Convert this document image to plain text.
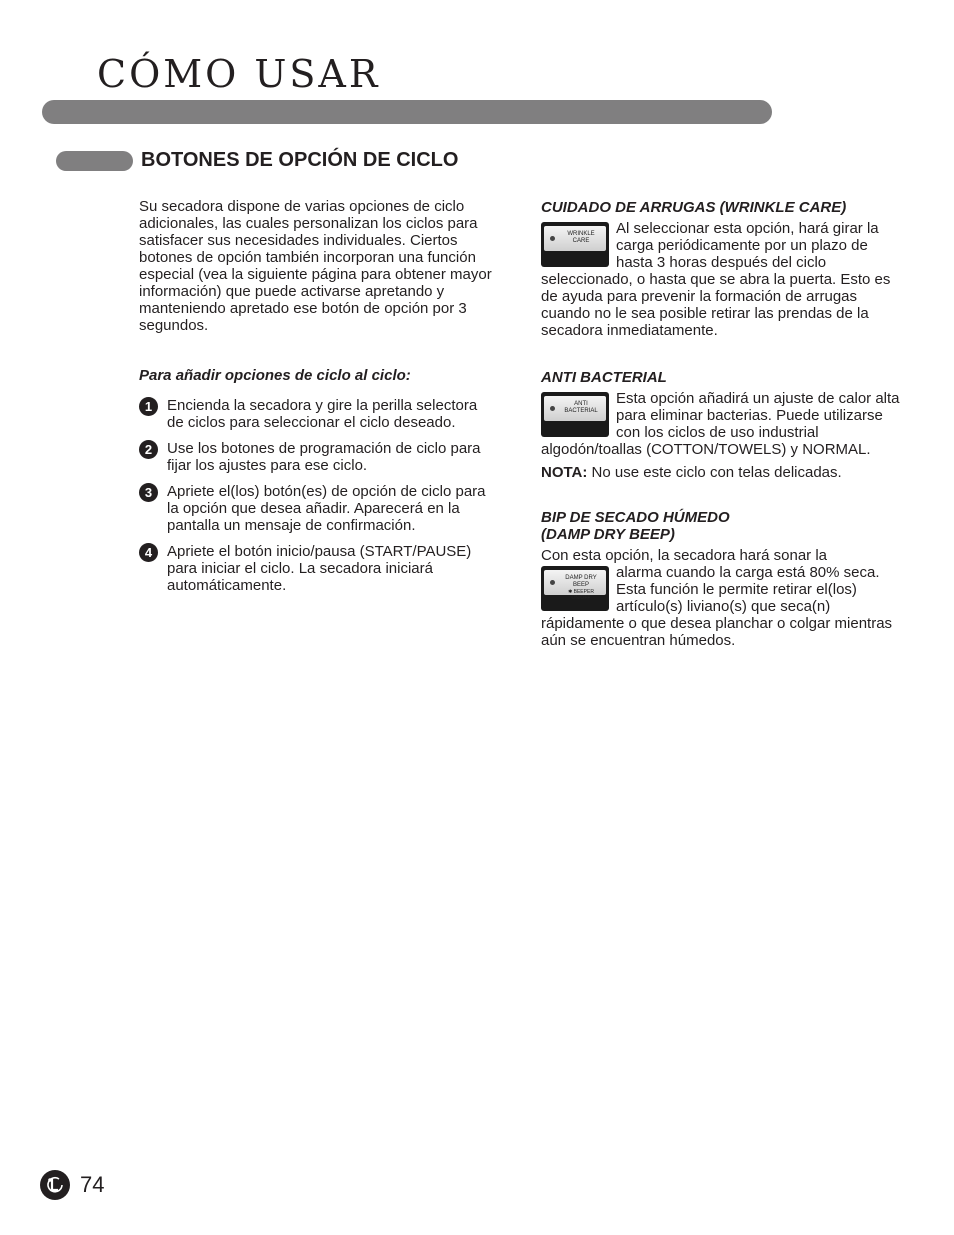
CÓMO USAR
BOTONES DE OPCIÓN DE CICLO

Su secadora dispone de varias opciones de ciclo adicionales, las cuales personalizan los ciclos para satisfacer sus necesidades individuales. Ciertos botones de opción también incorporan una función especial (vea la siguiente página para obtener mayor información) que puede activarse apretando y manteniendo apretado ese botón de opción por 3 segundos.

Para añadir opciones de ciclo al ciclo:

1 Encienda la secadora y gire la perilla selectora de ciclos para seleccionar el ciclo deseado.
2 Use los botones de programación de ciclo para fijar los ajustes para ese ciclo.
3 Apriete el(los) botón(es) de opción de ciclo para la opción que desea añadir. Aparecerá en la pantalla un mensaje de confirmación.
4 Apriete el botón inicio/pausa (START/PAUSE) para iniciar el ciclo. La secadora iniciará automáticamente.

CUIDADO DE ARRUGAS (WRINKLE CARE)

WRINKLE
CARE

Al seleccionar esta opción, hará girar la carga periódicamente por un plazo de hasta 3 horas después del ciclo seleccionado, o hasta que se abra la puerta. Esto es de ayuda para prevenir la formación de arrugas cuando no le sea posible retirar las prendas de la secadora inmediatamente.

ANTI BACTERIAL

ANTI
BACTERIAL

Esta opción añadirá un ajuste de calor alta para eliminar bacterias. Puede utilizarse con los ciclos de uso industrial algodón/toallas (COTTON/TOWELS) y NORMAL.

NOTA: No use este ciclo con telas delicadas.

BIP DE SECADO HÚMEDO
(DAMP DRY BEEP)

Con esta opción, la secadora hará sonar la

DAMP DRY BEEP
✱ BEEPER ON/OFF

alarma cuando la carga está 80% seca. Esta función le permite retirar el(los) artículo(s) liviano(s) que seca(n) rápidamente o que desea planchar o colgar mientras aún se encuentran húmedos.

74
